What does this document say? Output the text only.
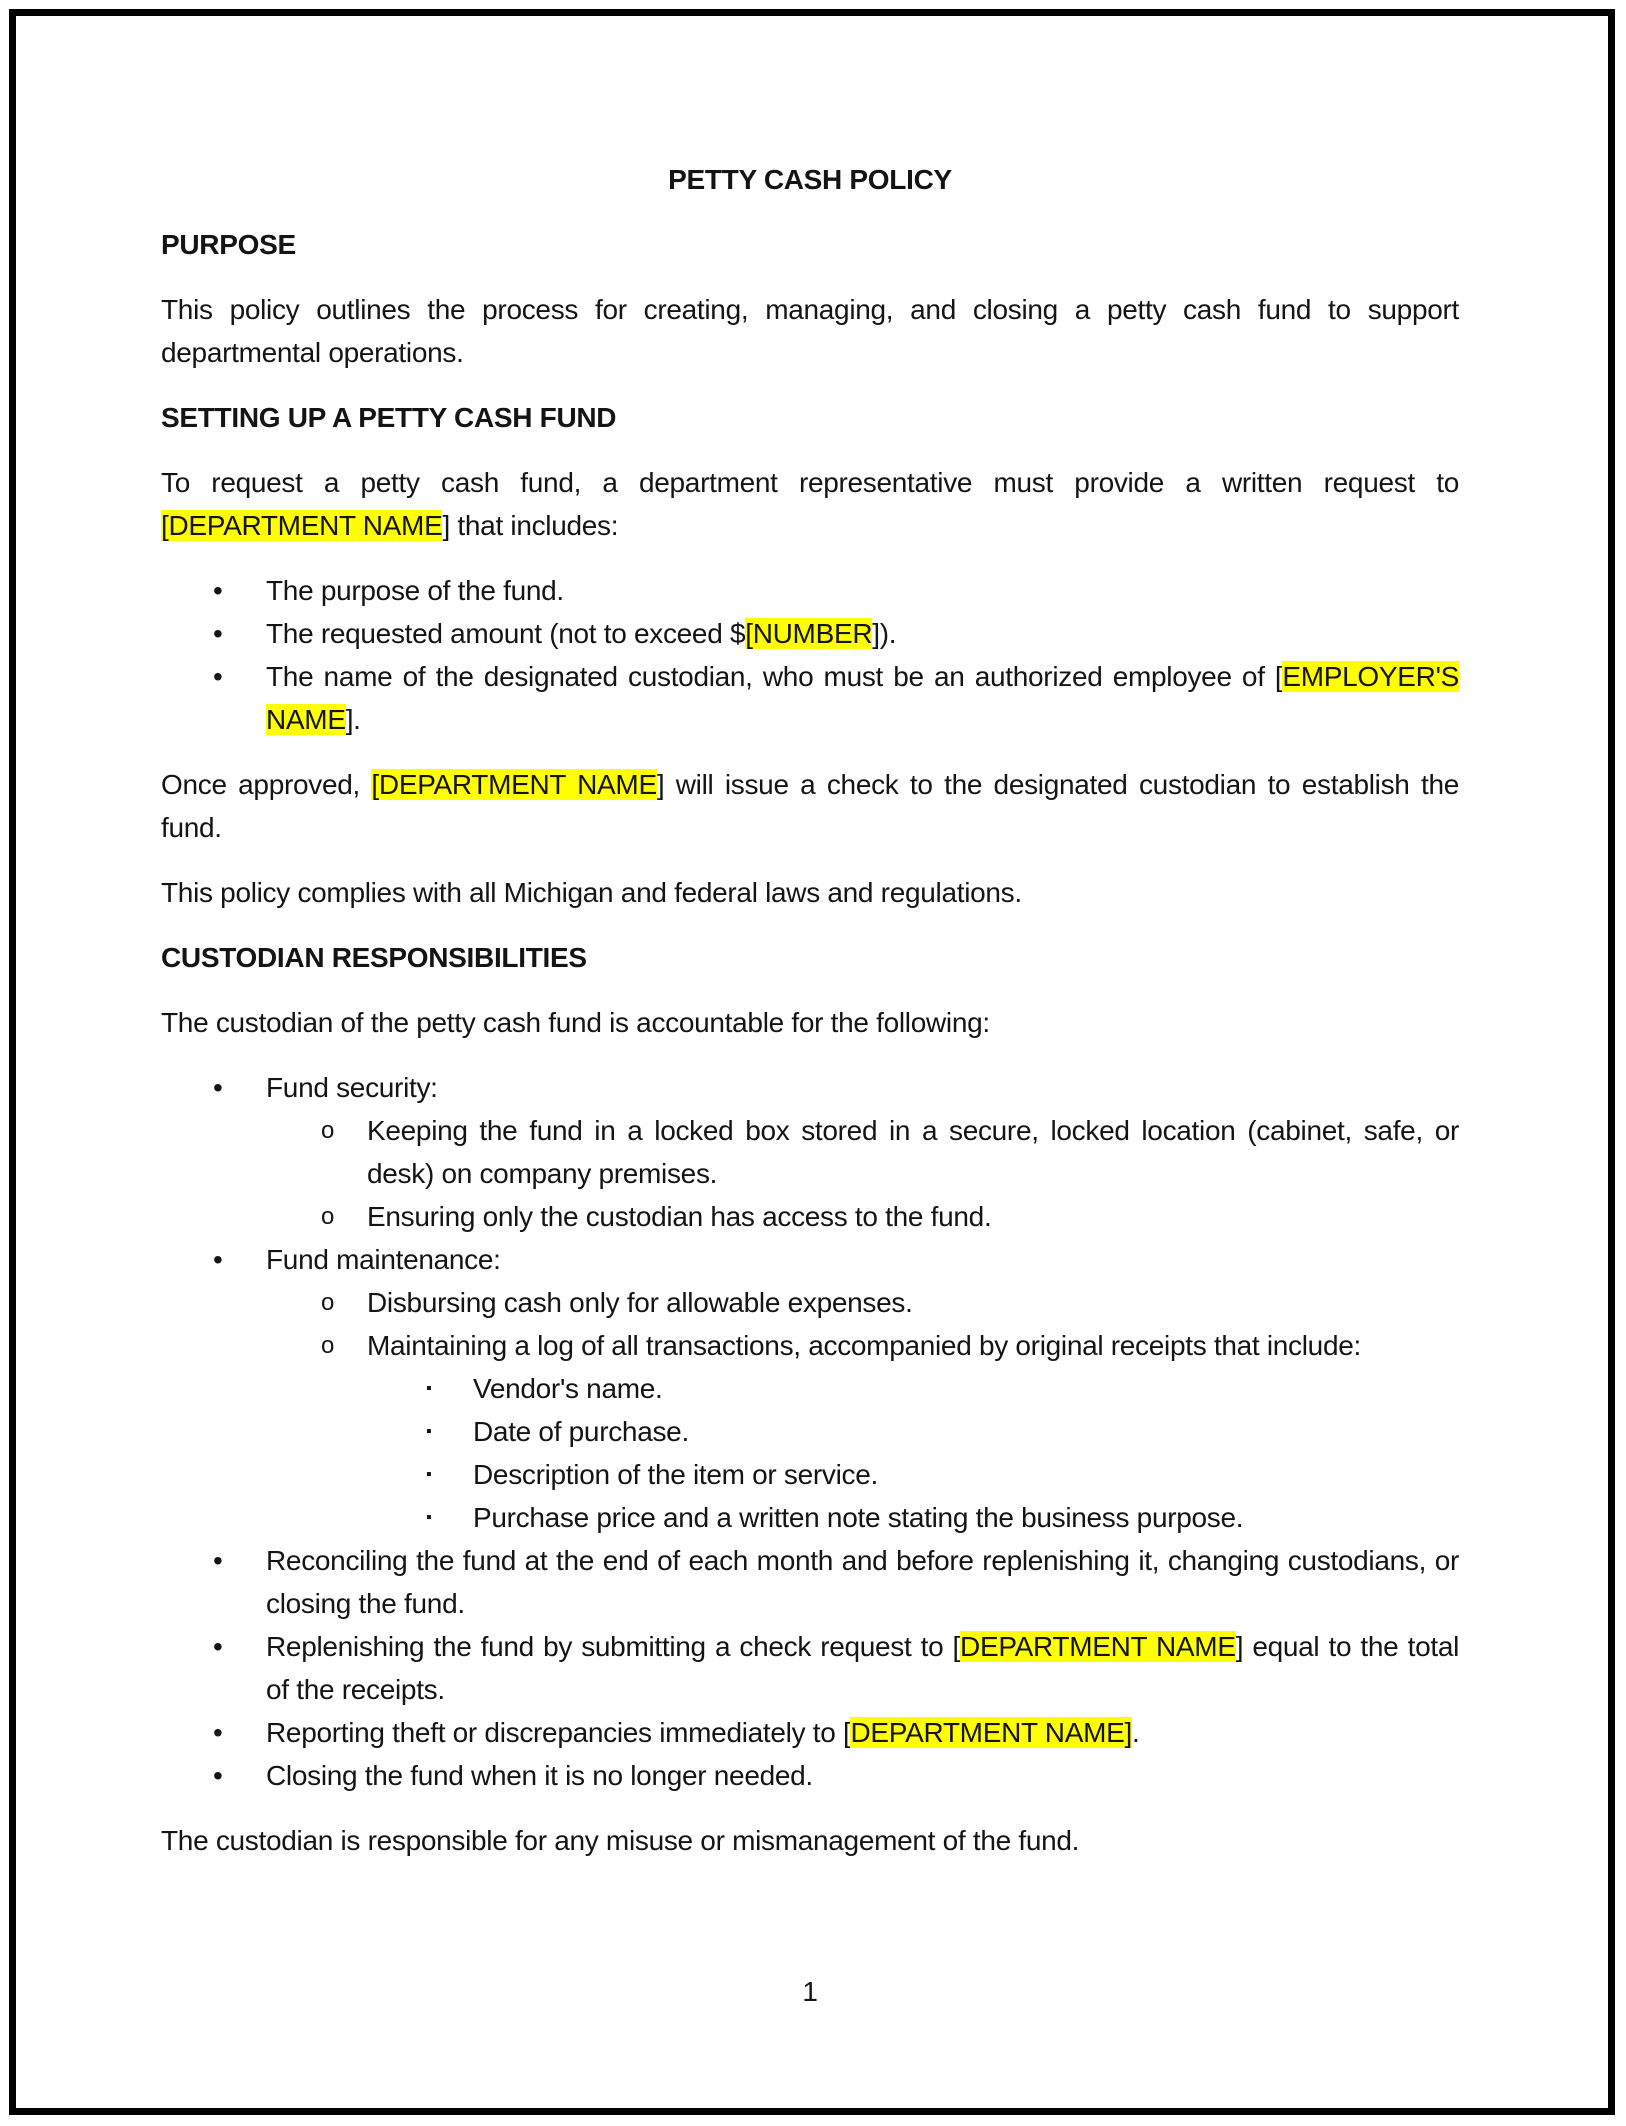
PETTY CASH POLICY
PURPOSE

This policy outlines the process for creating, managing, and closing a petty cash fund to support departmental operations.

SETTING UP A PETTY CASH FUND

To request a petty cash fund, a department representative must provide a written request to [DEPARTMENT NAME] that includes:

• The purpose of the fund.
• The requested amount (not to exceed $[NUMBER]).
• The name of the designated custodian, who must be an authorized employee of [EMPLOYER'S NAME].

Once approved, [DEPARTMENT NAME] will issue a check to the designated custodian to establish the fund.

This policy complies with all Michigan and federal laws and regulations.

CUSTODIAN RESPONSIBILITIES

The custodian of the petty cash fund is accountable for the following:

• Fund security:
o Keeping the fund in a locked box stored in a secure, locked location (cabinet, safe, or desk) on company premises.
o Ensuring only the custodian has access to the fund.
• Fund maintenance:
o Disbursing cash only for allowable expenses.
o Maintaining a log of all transactions, accompanied by original receipts that include:
▪ Vendor's name.
▪ Date of purchase.
▪ Description of the item or service.
▪ Purchase price and a written note stating the business purpose.
• Reconciling the fund at the end of each month and before replenishing it, changing custodians, or closing the fund.
• Replenishing the fund by submitting a check request to [DEPARTMENT NAME] equal to the total of the receipts.
• Reporting theft or discrepancies immediately to [DEPARTMENT NAME].
• Closing the fund when it is no longer needed.

The custodian is responsible for any misuse or mismanagement of the fund.

1
